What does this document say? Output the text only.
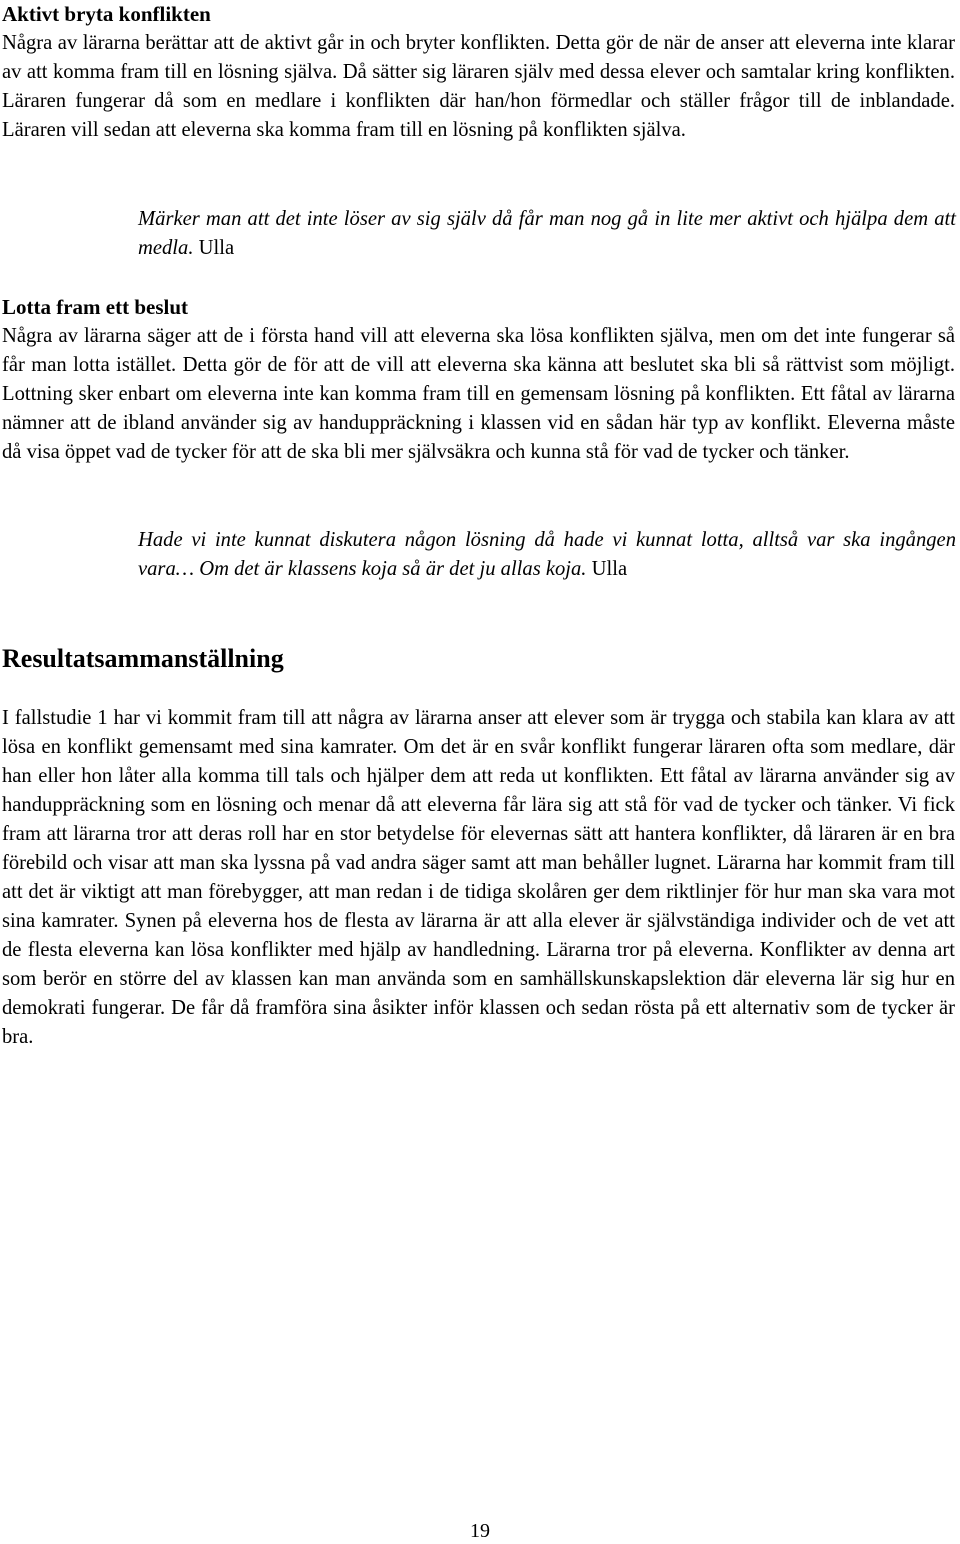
Aktivt bryta konflikten

Några av lärarna berättar att de aktivt går in och bryter konflikten. Detta gör de när de anser att eleverna inte klarar av att komma fram till en lösning själva. Då sätter sig läraren själv med dessa elever och samtalar kring konflikten. Läraren fungerar då som en medlare i konflikten där han/hon förmedlar och ställer frågor till de inblandade. Läraren vill sedan att eleverna ska komma fram till en lösning på konflikten själva.

Märker man att det inte löser av sig själv då får man nog gå in lite mer aktivt och hjälpa dem att medla. Ulla

Lotta fram ett beslut

Några av lärarna säger att de i första hand vill att eleverna ska lösa konflikten själva, men om det inte fungerar så får man lotta istället. Detta gör de för att de vill att eleverna ska känna att beslutet ska bli så rättvist som möjligt. Lottning sker enbart om eleverna inte kan komma fram till en gemensam lösning på konflikten. Ett fåtal av lärarna nämner att de ibland använder sig av handuppräckning i klassen vid en sådan här typ av konflikt. Eleverna måste då visa öppet vad de tycker för att de ska bli mer självsäkra och kunna stå för vad de tycker och tänker.

Hade vi inte kunnat diskutera någon lösning då hade vi kunnat lotta, alltså var ska ingången vara… Om det är klassens koja så är det ju allas koja. Ulla

Resultatsammanställning

I fallstudie 1 har vi kommit fram till att några av lärarna anser att elever som är trygga och stabila kan klara av att lösa en konflikt gemensamt med sina kamrater. Om det är en svår konflikt fungerar läraren ofta som medlare, där han eller hon låter alla komma till tals och hjälper dem att reda ut konflikten. Ett fåtal av lärarna använder sig av handuppräckning som en lösning och menar då att eleverna får lära sig att stå för vad de tycker och tänker. Vi fick fram att lärarna tror att deras roll har en stor betydelse för elevernas sätt att hantera konflikter, då läraren är en bra förebild och visar att man ska lyssna på vad andra säger samt att man behåller lugnet. Lärarna har kommit fram till att det är viktigt att man förebygger, att man redan i de tidiga skolåren ger dem riktlinjer för hur man ska vara mot sina kamrater. Synen på eleverna hos de flesta av lärarna är att alla elever är självständiga individer och de vet att de flesta eleverna kan lösa konflikter med hjälp av handledning. Lärarna tror på eleverna. Konflikter av denna art som berör en större del av klassen kan man använda som en samhällskunskapslektion där eleverna lär sig hur en demokrati fungerar. De får då framföra sina åsikter inför klassen och sedan rösta på ett alternativ som de tycker är bra.

19
